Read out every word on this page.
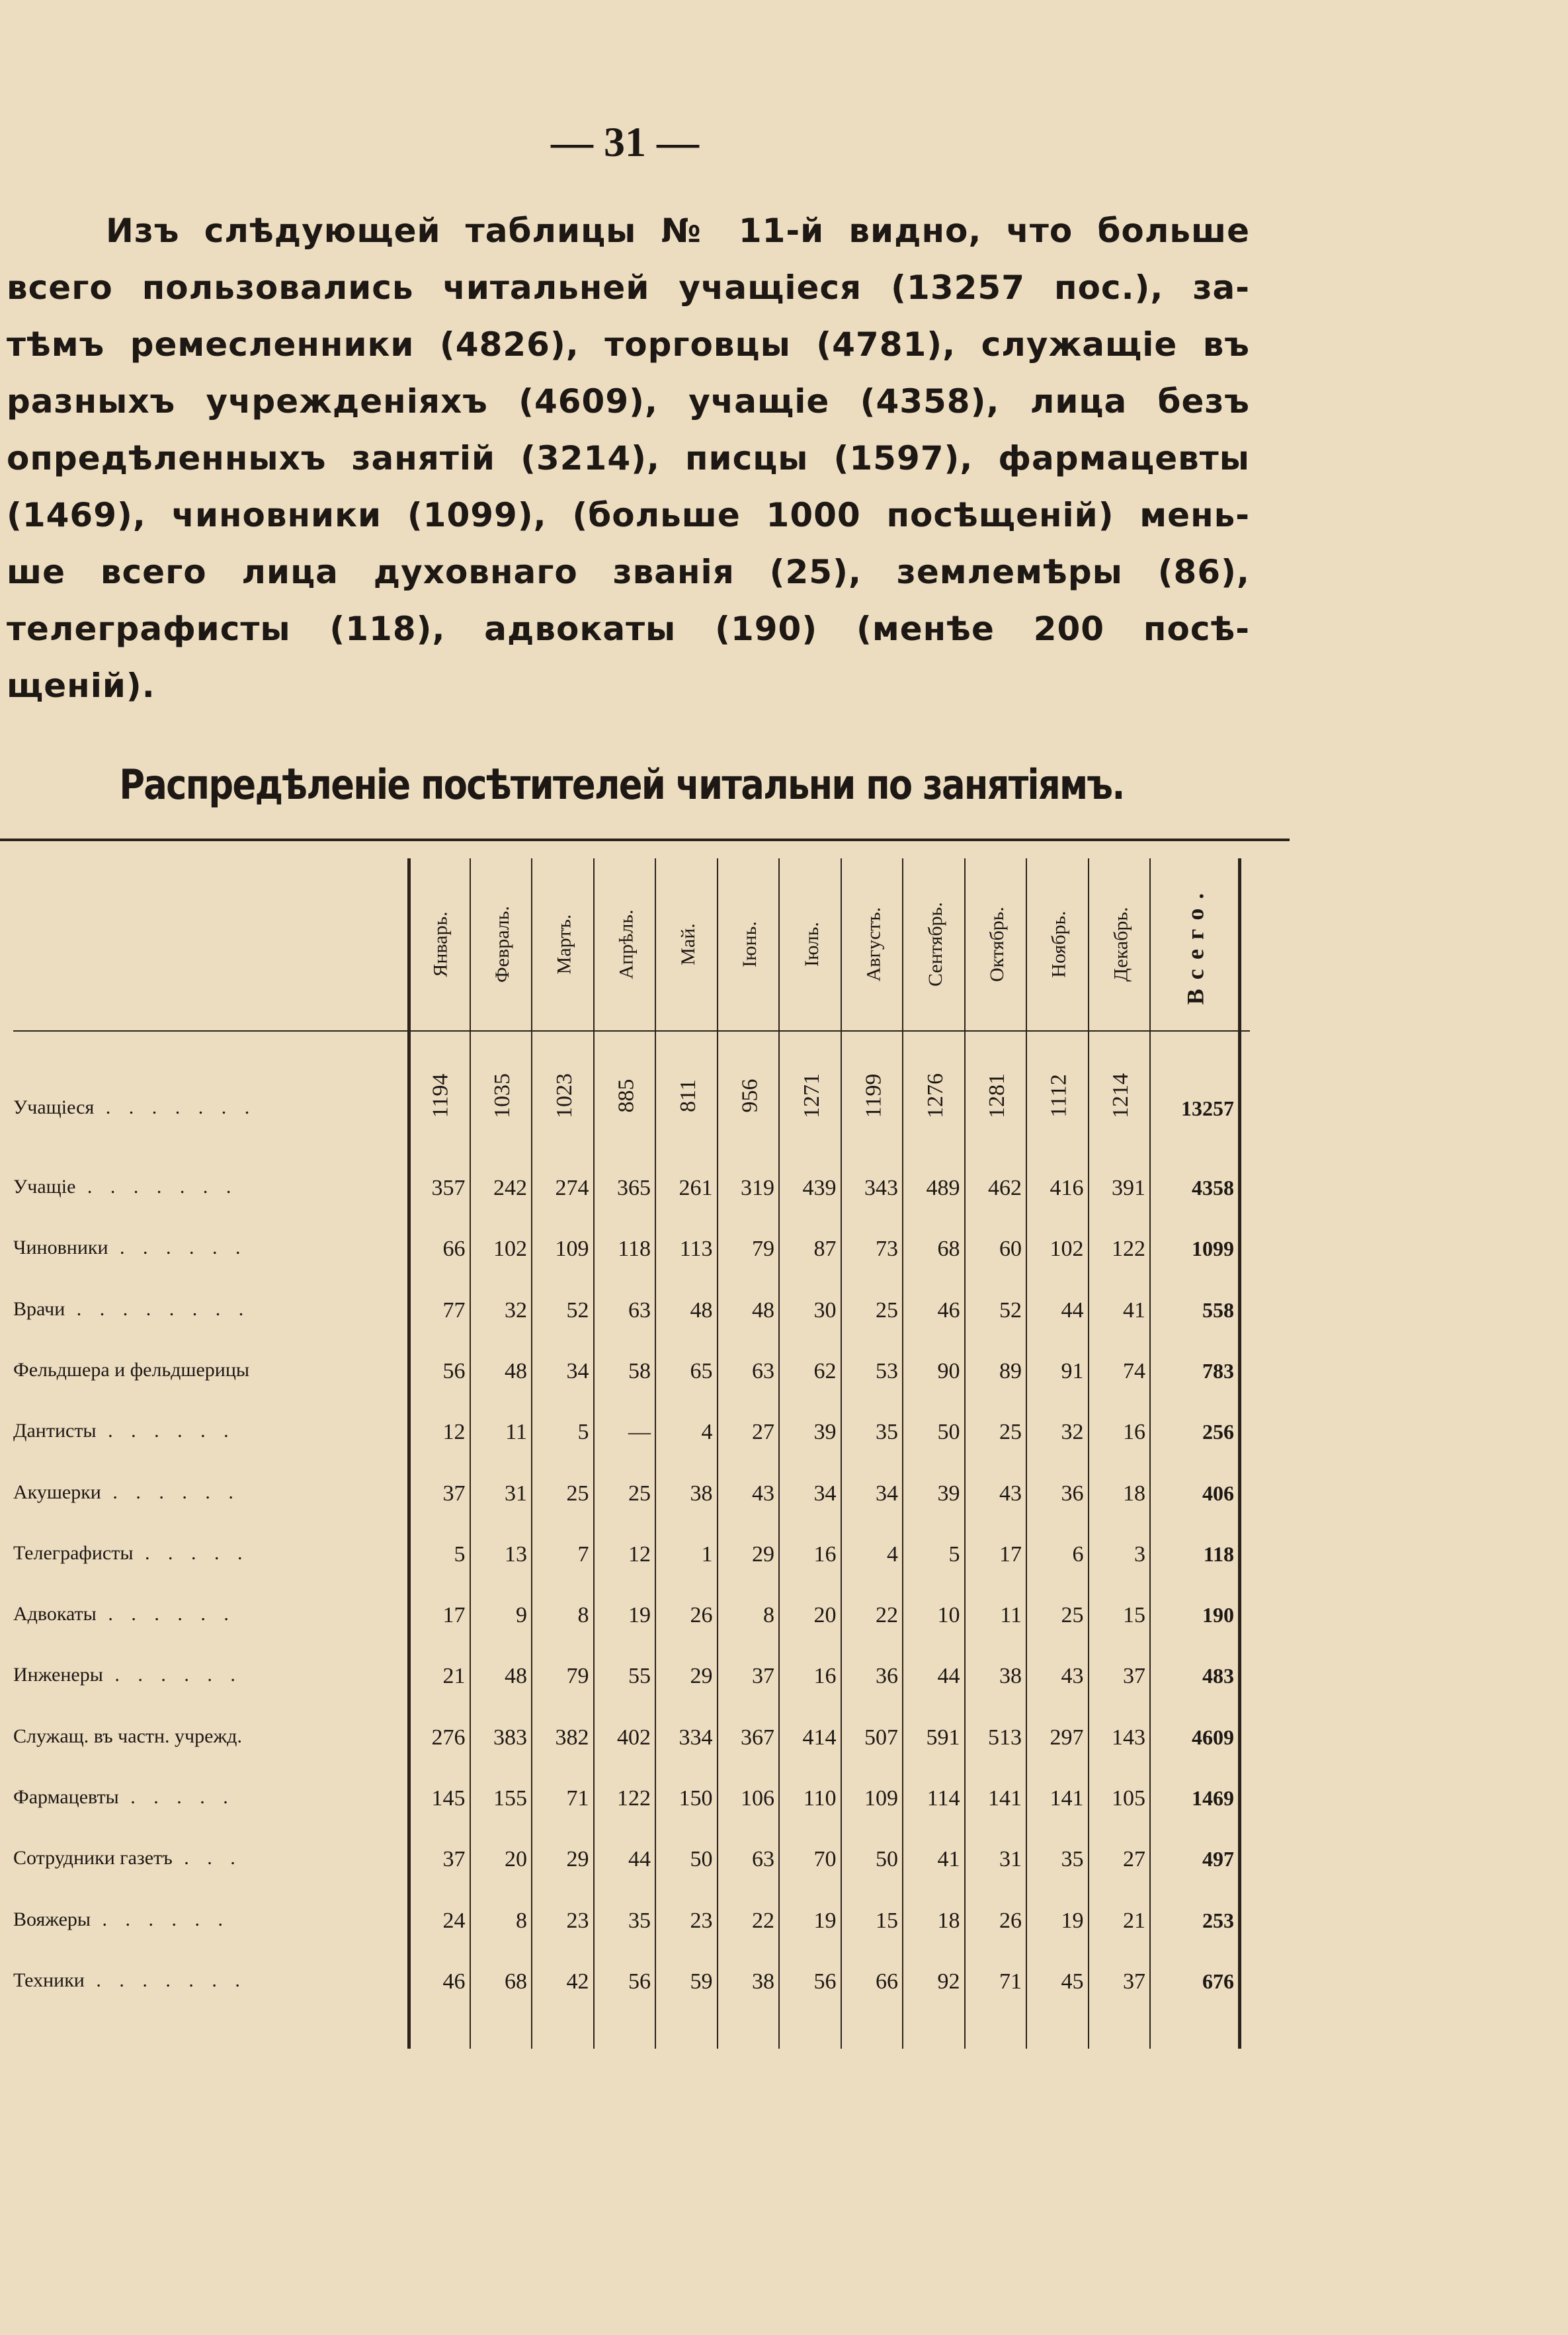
— 31 —
Изъ слѣдующей таблицы № 11-й видно, что больше
всего пользовались читальней учащіеся (13257 пос.), за-
тѣмъ ремесленники (4826), торговцы (4781), служащіе въ
разныхъ учрежденіяхъ (4609), учащіе (4358), лица безъ
опредѣленныхъ занятій (3214), писцы (1597), фармацевты
(1469), чиновники (1099), (больше 1000 посѣщеній) мень-
ше всего лица духовнаго званія (25), землемѣры (86),
телеграфисты (118), адвокаты (190) (менѣе 200 посѣ-
щеній).
Распредѣленіе посѣтителей читальни по занятіямъ.
Январь. Февраль. Мартъ. Апрѣль. Май. Іюнь. Іюль. Августъ. Сентябрь. Октябрь. Ноябрь. Декабрь. Всего.
Учащіеся . . . . . . .	1194	1035	1023	885	811	956	1271	1199	1276	1281	1112	1214	13257
Учащіе . . . . . . .	357	242	274	365	261	319	439	343	489	462	416	391	4358
Чиновники . . . . . .	66	102	109	118	113	79	87	73	68	60	102	122	1099
Врачи . . . . . . . .	77	32	52	63	48	48	30	25	46	52	44	41	558
Фельдшера и фельдшерицы	56	48	34	58	65	63	62	53	90	89	91	74	783
Дантисты . . . . . .	12	11	5	—	4	27	39	35	50	25	32	16	256
Акушерки . . . . . .	37	31	25	25	38	43	34	34	39	43	36	18	406
Телеграфисты . . . . .	5	13	7	12	1	29	16	4	5	17	6	3	118
Адвокаты . . . . . .	17	9	8	19	26	8	20	22	10	11	25	15	190
Инженеры . . . . . .	21	48	79	55	29	37	16	36	44	38	43	37	483
Служащ. въ частн. учрежд.	276	383	382	402	334	367	414	507	591	513	297	143	4609
Фармацевты . . . . .	145	155	71	122	150	106	110	109	114	141	141	105	1469
Сотрудники газетъ . . .	37	20	29	44	50	63	70	50	41	31	35	27	497
Вояжеры . . . . . .	24	8	23	35	23	22	19	15	18	26	19	21	253
Техники . . . . . . .	46	68	42	56	59	38	56	66	92	71	45	37	676
